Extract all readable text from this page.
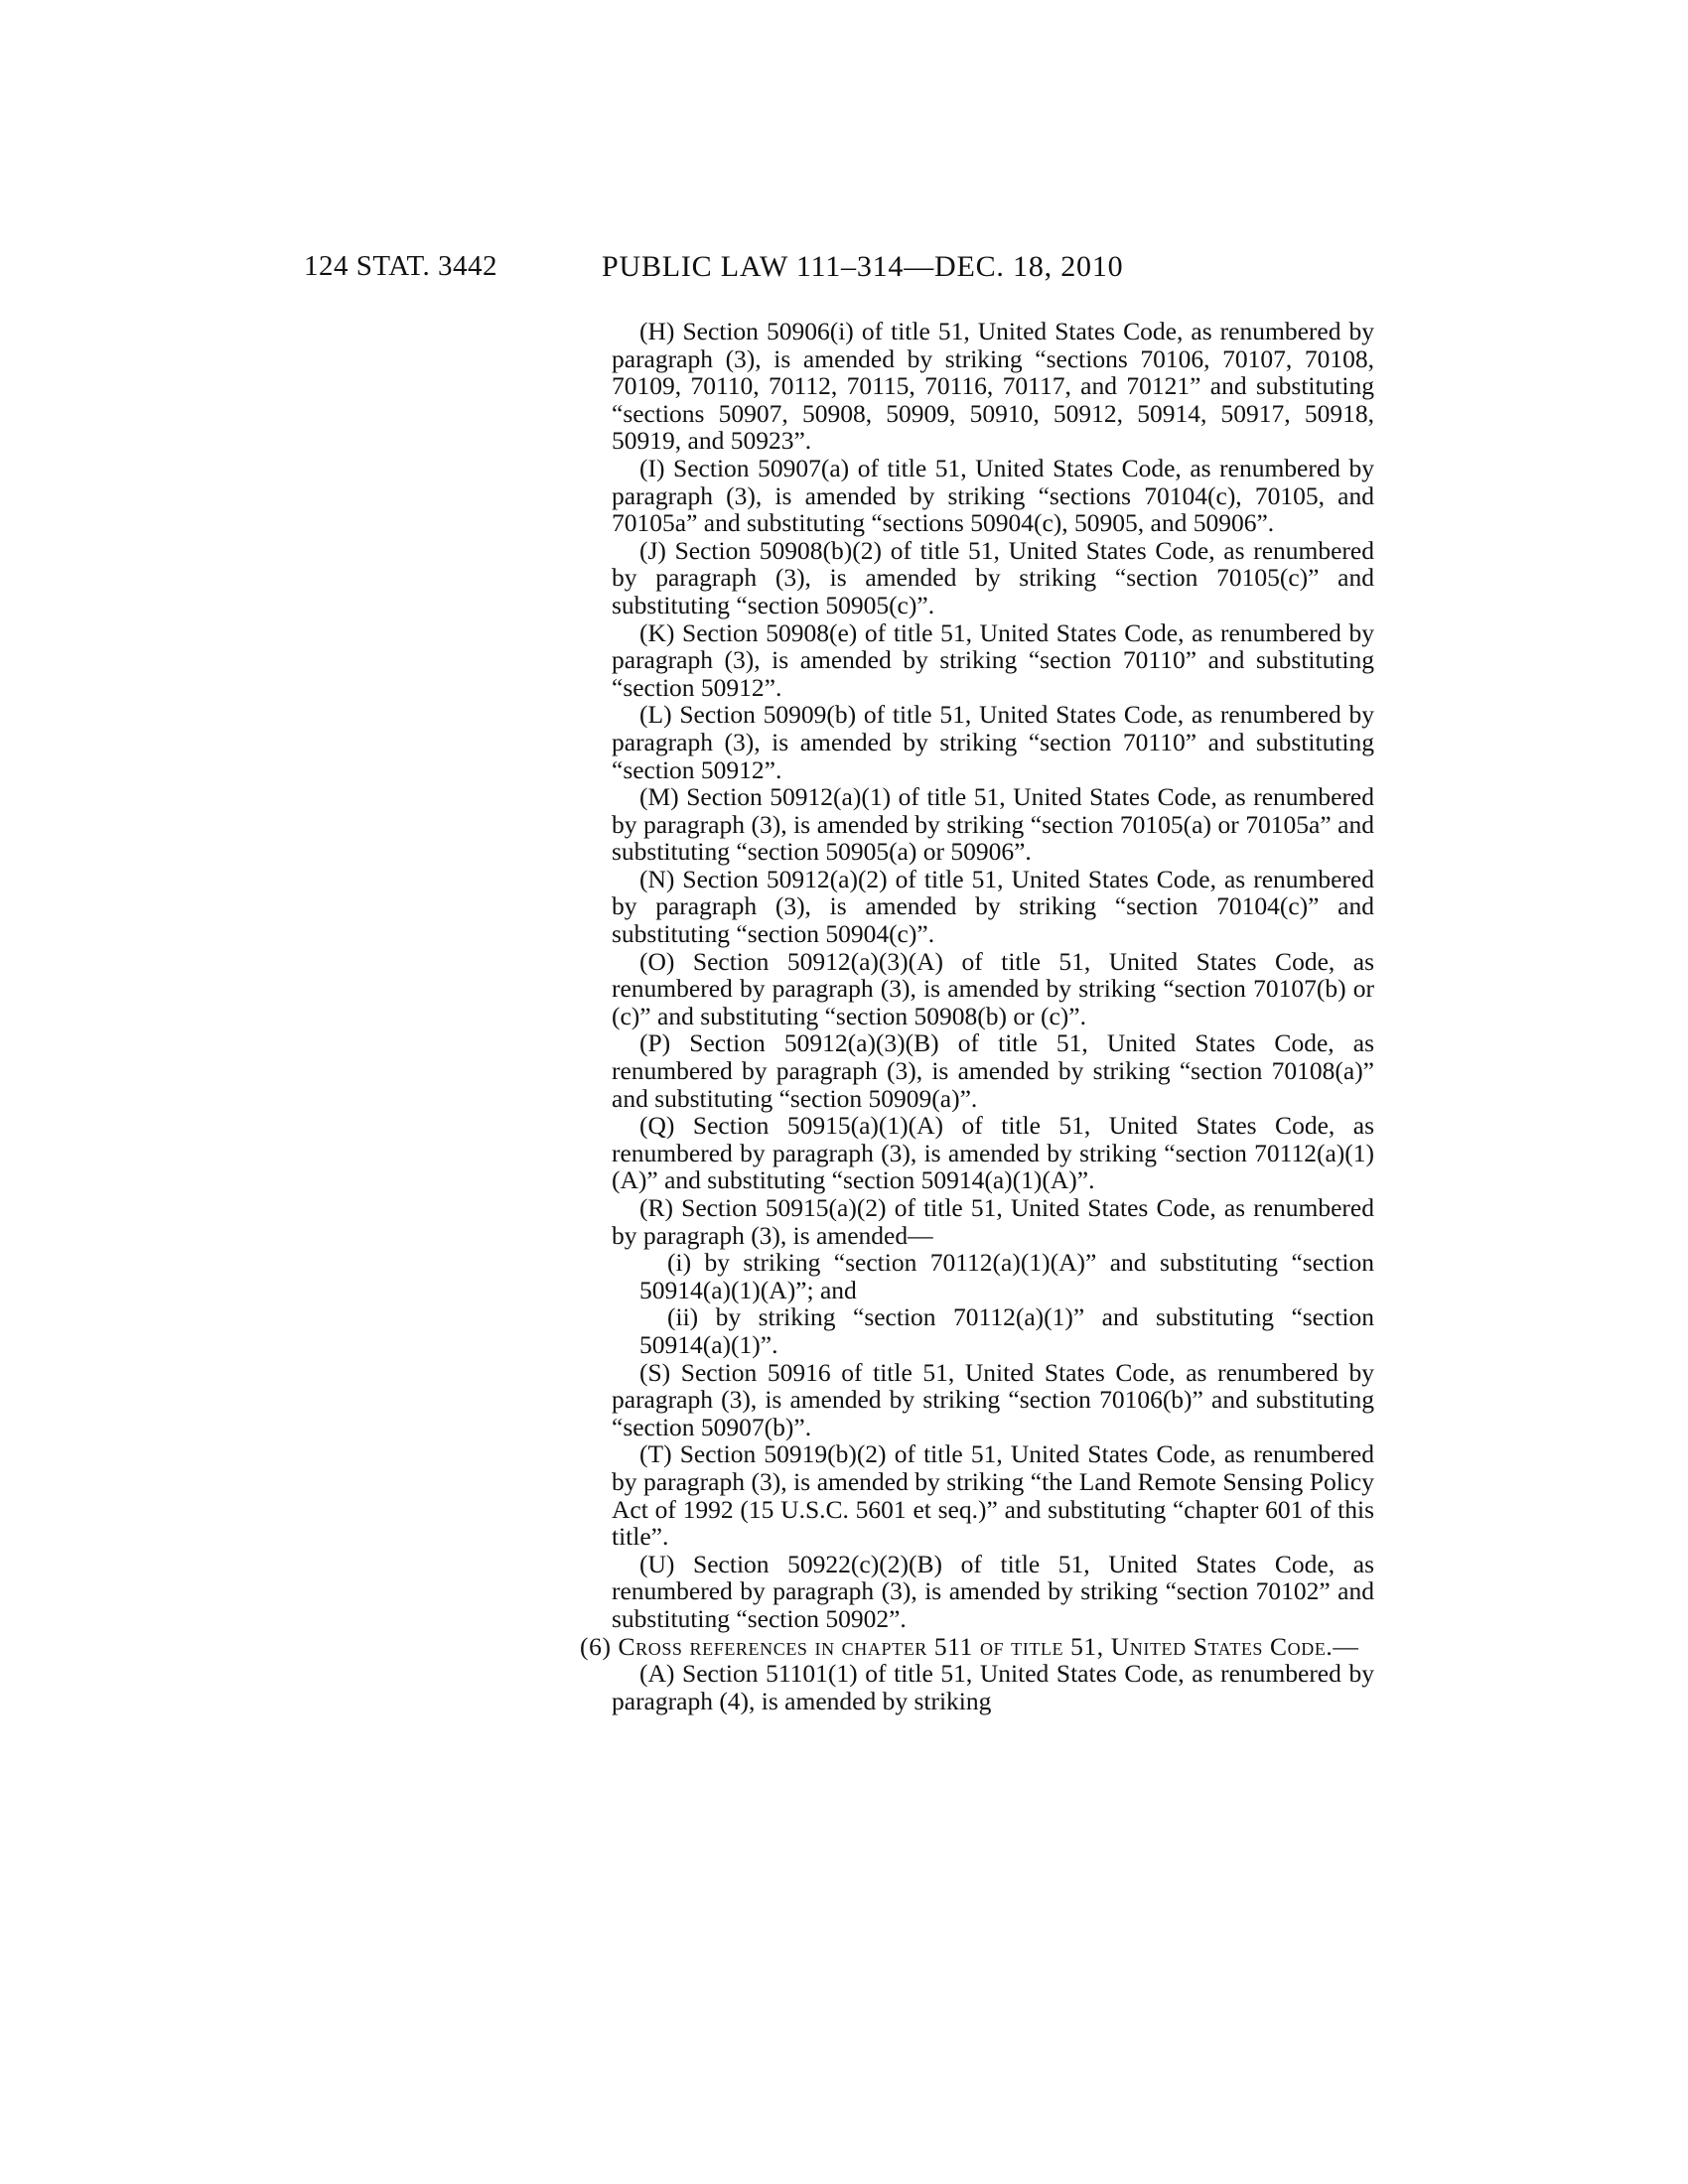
124 STAT. 3442	PUBLIC LAW 111–314—DEC. 18, 2010

(H) Section 50906(i) of title 51, United States Code, as renumbered by paragraph (3), is amended by striking “sections 70106, 70107, 70108, 70109, 70110, 70112, 70115, 70116, 70117, and 70121” and substituting “sections 50907, 50908, 50909, 50910, 50912, 50914, 50917, 50918, 50919, and 50923”.

(I) Section 50907(a) of title 51, United States Code, as renumbered by paragraph (3), is amended by striking “sections 70104(c), 70105, and 70105a” and substituting “sections 50904(c), 50905, and 50906”.

(J) Section 50908(b)(2) of title 51, United States Code, as renumbered by paragraph (3), is amended by striking “section 70105(c)” and substituting “section 50905(c)”.

(K) Section 50908(e) of title 51, United States Code, as renumbered by paragraph (3), is amended by striking “section 70110” and substituting “section 50912”.

(L) Section 50909(b) of title 51, United States Code, as renumbered by paragraph (3), is amended by striking “section 70110” and substituting “section 50912”.

(M) Section 50912(a)(1) of title 51, United States Code, as renumbered by paragraph (3), is amended by striking “section 70105(a) or 70105a” and substituting “section 50905(a) or 50906”.

(N) Section 50912(a)(2) of title 51, United States Code, as renumbered by paragraph (3), is amended by striking “section 70104(c)” and substituting “section 50904(c)”.

(O) Section 50912(a)(3)(A) of title 51, United States Code, as renumbered by paragraph (3), is amended by striking “section 70107(b) or (c)” and substituting “section 50908(b) or (c)”.

(P) Section 50912(a)(3)(B) of title 51, United States Code, as renumbered by paragraph (3), is amended by striking “section 70108(a)” and substituting “section 50909(a)”.

(Q) Section 50915(a)(1)(A) of title 51, United States Code, as renumbered by paragraph (3), is amended by striking “section 70112(a)(1)(A)” and substituting “section 50914(a)(1)(A)”.

(R) Section 50915(a)(2) of title 51, United States Code, as renumbered by paragraph (3), is amended—

(i) by striking “section 70112(a)(1)(A)” and substituting “section 50914(a)(1)(A)”; and

(ii) by striking “section 70112(a)(1)” and substituting “section 50914(a)(1)”.

(S) Section 50916 of title 51, United States Code, as renumbered by paragraph (3), is amended by striking “section 70106(b)” and substituting “section 50907(b)”.

(T) Section 50919(b)(2) of title 51, United States Code, as renumbered by paragraph (3), is amended by striking “the Land Remote Sensing Policy Act of 1992 (15 U.S.C. 5601 et seq.)” and substituting “chapter 601 of this title”.

(U) Section 50922(c)(2)(B) of title 51, United States Code, as renumbered by paragraph (3), is amended by striking “section 70102” and substituting “section 50902”.

(6) Cross references in chapter 511 of title 51, United States Code.—

(A) Section 51101(1) of title 51, United States Code, as renumbered by paragraph (4), is amended by striking
